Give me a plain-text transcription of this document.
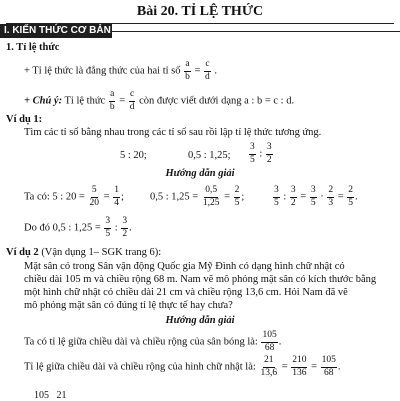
Bài 20. TỈ LỆ THỨC
I. KIẾN THỨC CƠ BẢN
1. Tỉ lệ thức
+ Tỉ lệ thức là đẳng thức của hai tỉ số $\frac{a}{b} = \frac{c}{d}$ .
+ Chú ý: Tỉ lệ thức $\frac{a}{b} = \frac{c}{d}$ còn được viết dưới dạng a : b = c : d.
Ví dụ 1:
Tìm các tỉ số bằng nhau trong các tỉ số sau rồi lập tỉ lệ thức tương ứng.
5 : 20;	0,5 : 1,25; $\frac{3}{5}$ : $\frac{3}{2}$
Hướng dẫn giải
Ta có: 5 : $20 = \frac{5}{20} = \frac{1}{4}$ ; 0,5 : $1,25 = \frac{0,5}{1,25} = \frac{2}{5}$ ;	$\frac{3}{5}$ : $\frac{3}{2} = \frac{3}{5} \cdot \frac{2}{3} = \frac{2}{5}$ .
Do đó 0,5 : $1,25 = \frac{3}{5}$ : $\frac{3}{2}$ .
Ví dụ 2 (Vận dụng 1– SGK trang 6):
Mặt sân có trong Sân vận động Quốc gia Mỹ Đình có dạng hình chữ nhật có
chiều dài 105 m và chiều rộng 68 m. Nam vẽ mô phỏng mặt sân có kích thước bằng
một hình chữ nhật có chiều dài 21 cm và chiều rộng 13,6 cm. Hỏi Nam đã vẽ
mô phỏng mặt sân có đúng tỉ lệ thực tế hay chưa?
Hướng dẫn giải
Ta có tỉ lệ giữa chiều dài và chiều rộng của sân bóng là: $\frac{105}{68}$ .
Tỉ lệ giữa chiều dài và chiều rộng của hình chữ nhật là: $\frac{21}{13,6} = \frac{210}{136} = \frac{105}{68}$ .
105 21
